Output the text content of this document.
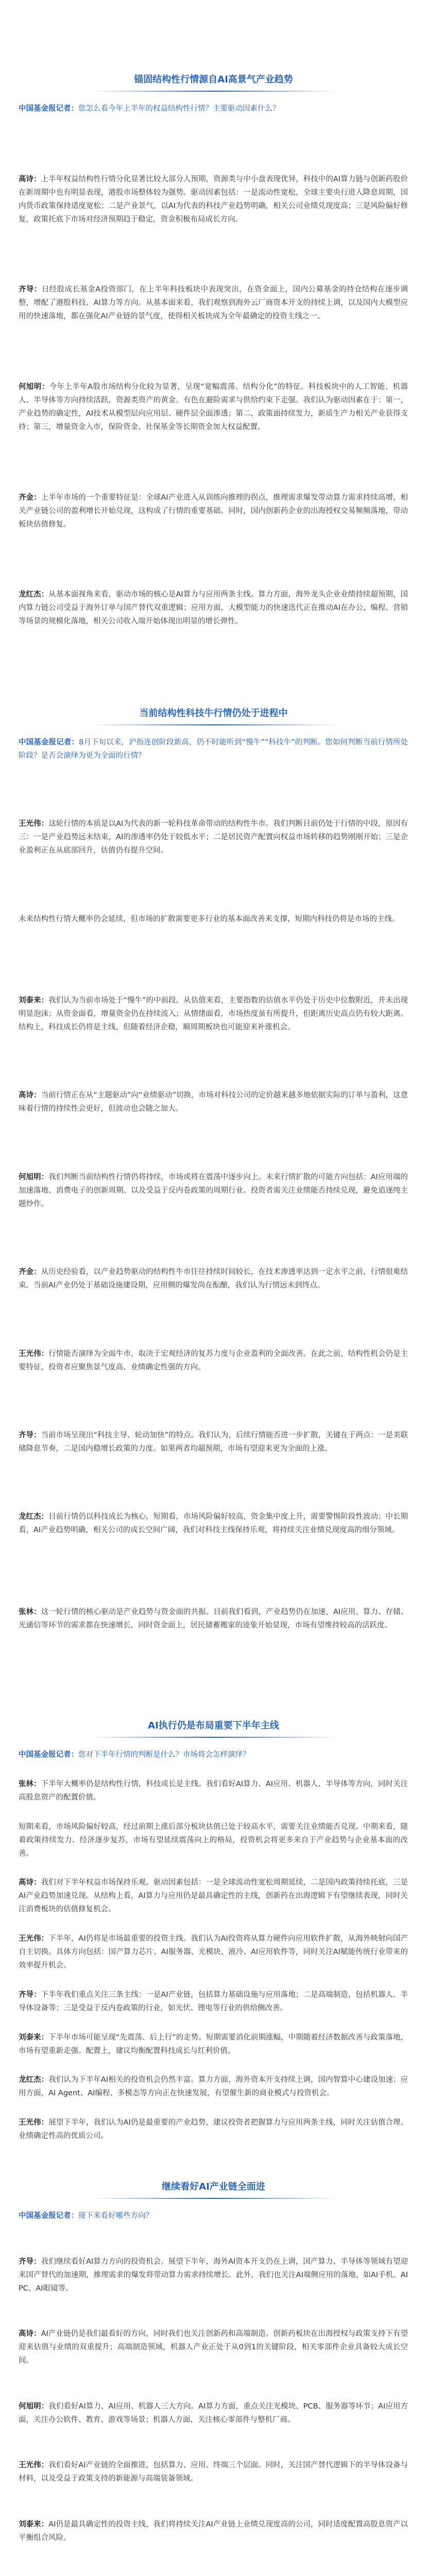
锚固结构性行情源自AI高景气产业趋势
中国基金报记者：您怎么看今年上半年的权益结构性行情？主要驱动因素什么？
高诗：上半年权益结构性行情分化显著比较大部分人预期，资源类与中小盘表现优异，科技中的AI算力链与创新药股价在新周期中也有明显表现，港股市场整体较为强势。驱动因素包括：一是流动性宽松，全球主要央行进入降息周期，国内货币政策保持适度宽松；二是产业景气，以AI为代表的科技产业趋势明确，相关公司业绩兑现度高；三是风险偏好修复，政策托底下市场对经济预期趋于稳定，资金积极布局成长方向。
齐导：日经股成长基金A投资部门，在上半年科技板块中表现突出，在资金面上，国内公募基金的持仓结构在逐步调整，增配了港股科技、AI算力等方向。从基本面来看，我们观察到海外云厂商资本开支的持续上调，以及国内大模型应用的快速落地，都在强化AI产业链的景气度，使得相关板块成为全年最确定的投资主线之一。
何旭明：今年上半年A股市场结构分化较为显著，呈现“宽幅震荡、结构分化”的特征。科技板块中的人工智能、机器人、半导体等方向持续活跃，资源类资产的黄金、有色在避险需求与供给约束下走强。我们认为驱动因素在于：第一，产业趋势的确定性，AI技术从模型层向应用层、硬件层全面渗透；第二，政策面持续发力，新质生产力相关产业获得支持；第三，增量资金入市，保险资金、社保基金等长期资金加大权益配置。
齐金：上半年市场的一个重要特征是：全球AI产业进入从训练向推理的拐点，推理需求爆发带动算力需求持续高增，相关产业链公司的盈利增长开始兑现，这构成了行情的重要基础。同时，国内创新药企业的出海授权交易频频落地，带动板块估值修复。
龙红杰：从基本面视角来看，驱动市场的核心是AI算力与应用两条主线。算力方面，海外龙头企业业绩持续超预期，国内算力链公司受益于海外订单与国产替代双重逻辑；应用方面，大模型能力的快速迭代正在推动AI在办公、编程、营销等场景的规模化落地，相关公司收入端开始体现出明显的增长弹性。
当前结构性科技牛行情仍处于进程中
中国基金报记者：8月下旬以来，沪指连创阶段新高，仍不时能听到“慢牛”“科技牛”的判断。您如何判断当前行情所处阶段？是否会演绎为更为全面的行情？
王光伟：这轮行情的本质是以AI为代表的新一轮科技革命带动的结构性牛市。我们判断目前仍处于行情的中段，原因有三：一是产业趋势远未结束，AI的渗透率仍处于较低水平；二是居民资产配置向权益市场转移的趋势刚刚开始；三是企业盈利正在从底部回升，估值仍有提升空间。
未来结构性行情大概率仍会延续，但市场的扩散需要更多行业的基本面改善来支撑，短期内科技仍将是市场的主线。
刘泰来：我们认为当前市场处于“慢牛”的中前段。从估值来看，主要指数的估值水平仍处于历史中位数附近，并未出现明显泡沫；从资金面看，增量资金仍在持续流入；从情绪面看，市场热度虽有所提升，但距离历史高点仍有较大距离。结构上，科技成长仍将是主线，但随着经济企稳，顺周期板块也可能迎来补涨机会。
高诗：当前行情正在从“主题驱动”向“业绩驱动”切换，市场对科技公司的定价越来越多地依据实际的订单与盈利，这意味着行情的持续性会更好，但波动也会随之加大。
何旭明：我们判断当前结构性行情仍将持续，市场或将在震荡中逐步向上。未来行情扩散的可能方向包括：AI应用端的加速落地、消费电子的创新周期、以及受益于反内卷政策的周期行业。投资者需关注业绩能否持续兑现，避免追逐纯主题炒作。
齐金：从历史经验看，以产业趋势驱动的结构性牛市往往持续时间较长，在技术渗透率达到一定水平之前，行情很难结束。当前AI产业仍处于基础设施建设期，应用侧的爆发尚在酝酿，我们认为行情远未到终点。
王光伟：行情能否演绎为全面牛市，取决于宏观经济的复苏力度与企业盈利的全面改善。在此之前，结构性机会仍是主要特征，投资者应聚焦景气度高、业绩确定性强的方向。
齐导：当前市场呈现出“科技主导、轮动加快”的特点。我们认为，后续行情能否进一步扩散，关键在于两点：一是美联储降息节奏，二是国内稳增长政策的力度。如果两者均超预期，市场有望迎来更为全面的上涨。
龙红杰：目前行情仍以科技成长为核心，短期看，市场风险偏好较高，资金集中度上升，需要警惕阶段性波动；中长期看，AI产业趋势明确，相关公司的成长空间广阔，我们对科技主线保持乐观，将持续关注业绩兑现度高的细分领域。
张林：这一轮行情的核心驱动是产业趋势与资金面的共振。目前我们看到，产业趋势仍在加速，AI应用、算力、存储、光通信等环节的需求都在快速增长，同时资金面上，居民储蓄搬家的迹象开始显现，市场有望维持较高的活跃度。
AI执行仍是布局重要下半年主线
中国基金报记者：您对下半年行情的判断是什么？市场将会怎样演绎？
张林：下半年大概率仍是结构性行情，科技成长是主线。我们看好AI算力、AI应用、机器人、半导体等方向，同时关注高股息资产的配置价值。
短期来看，市场风险偏好较高，经过前期上涨后部分板块估值已处于较高水平，需要关注业绩能否兑现。中期来看，随着政策持续发力、经济逐步复苏，市场有望延续震荡向上的格局，投资机会将更多来自于产业趋势与企业基本面的改善。
高诗：我们对下半年权益市场保持乐观。驱动因素包括：一是全球流动性宽松周期延续，二是国内政策持续托底，三是AI产业趋势加速兑现。从结构上看，AI算力与应用仍是最具确定性的主线，创新药在出海逻辑下有望继续表现，同时关注消费板块的估值修复机会。
王光伟：下半年，AI仍将是市场最重要的投资主线。我们认为AI投资将从算力硬件向应用软件扩散，从海外映射向国产自主切换。具体方向包括：国产算力芯片、AI服务器、光模块、液冷、AI应用软件等，同时关注AI赋能传统行业带来的效率提升机会。
齐导：下半年我们重点关注三条主线：一是AI产业链，包括算力基础设施与应用落地；二是高端制造，包括机器人、半导体设备等；三是受益于反内卷政策的行业，如光伏、锂电等行业的供给侧改善。
刘泰来：下半年市场可能呈现“先震荡、后上行”的走势。短期需要消化前期涨幅，中期随着经济数据改善与政策落地，市场有望重新走强。配置上，建议均衡配置科技成长与红利价值。
龙红杰：我们认为下半年AI相关的投资机会仍然丰富。算力方面，海外资本开支持续上调，国内智算中心建设加速；应用方面，AI Agent、AI编程、多模态等方向正在快速发展，有望催生新的商业模式与投资机会。
王光伟：展望下半年，我们认为AI仍是最重要的产业趋势，建议投资者把握算力与应用两条主线，同时关注估值合理、业绩确定性高的优质公司。
继续看好AI产业链全面进
中国基金报记者：接下来看好哪些方向？
齐导：我们继续看好AI算力方向的投资机会。展望下半年，海外AI资本开支仍在上调，国产算力、半导体等领域有望迎来国产替代的加速期，推理需求的爆发将带动算力需求持续增长。此外，我们也关注AI端侧应用的落地，如AI手机、AI PC、AI眼镜等。
高诗：AI产业链仍是我们最看好的方向，同时我们也关注创新药和高端制造。创新药板块在出海授权与政策支持下有望迎来估值与业绩的双重提升；高端制造领域，机器人产业正处于从0到1的关键阶段，相关零部件企业具备较大成长空间。
何旭明：我们看好AI算力、AI应用、机器人三大方向。AI算力方面，重点关注光模块、PCB、服务器等环节；AI应用方面，关注办公软件、教育、游戏等场景；机器人方面，关注核心零部件与整机厂商。
王光伟：我们看好AI产业链的全面推进，包括算力、应用、终端三个层面。同时，关注国产替代逻辑下的半导体设备与材料，以及受益于政策支持的新能源与高端装备领域。
刘泰来：AI仍是最具确定性的投资主线，我们将持续关注AI产业链上业绩兑现度高的公司，同时适度配置高股息资产以平衡组合风险。
